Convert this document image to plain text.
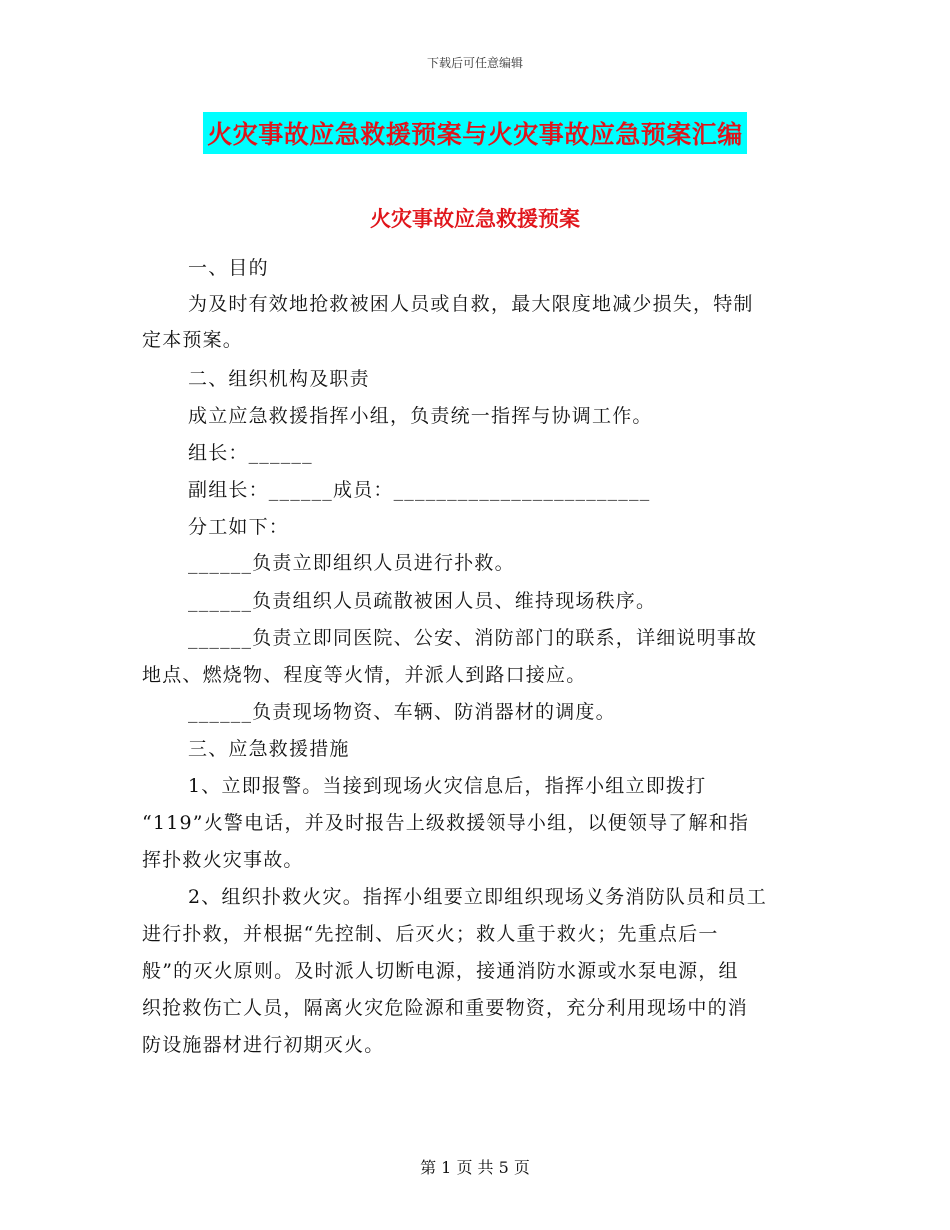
下载后可任意编辑
火灾事故应急救援预案与火灾事故应急预案汇编
火灾事故应急救援预案
一、目的
为及时有效地抢救被困人员或自救，最大限度地减少损失，特制
定本预案。
二、组织机构及职责
成立应急救援指挥小组，负责统一指挥与协调工作。
组长：______
副组长：______成员：________________________
分工如下：
______负责立即组织人员进行扑救。
______负责组织人员疏散被困人员、维持现场秩序。
______负责立即同医院、公安、消防部门的联系，详细说明事故
地点、燃烧物、程度等火情，并派人到路口接应。
______负责现场物资、车辆、防消器材的调度。
三、应急救援措施
1、立即报警。当接到现场火灾信息后，指挥小组立即拨打
“119”火警电话，并及时报告上级救援领导小组，以便领导了解和指
挥扑救火灾事故。
2、组织扑救火灾。指挥小组要立即组织现场义务消防队员和员工
进行扑救，并根据“先控制、后灭火；救人重于救火；先重点后一
般”的灭火原则。及时派人切断电源，接通消防水源或水泵电源，组
织抢救伤亡人员，隔离火灾危险源和重要物资，充分利用现场中的消
防设施器材进行初期灭火。
第 1 页 共 5 页
